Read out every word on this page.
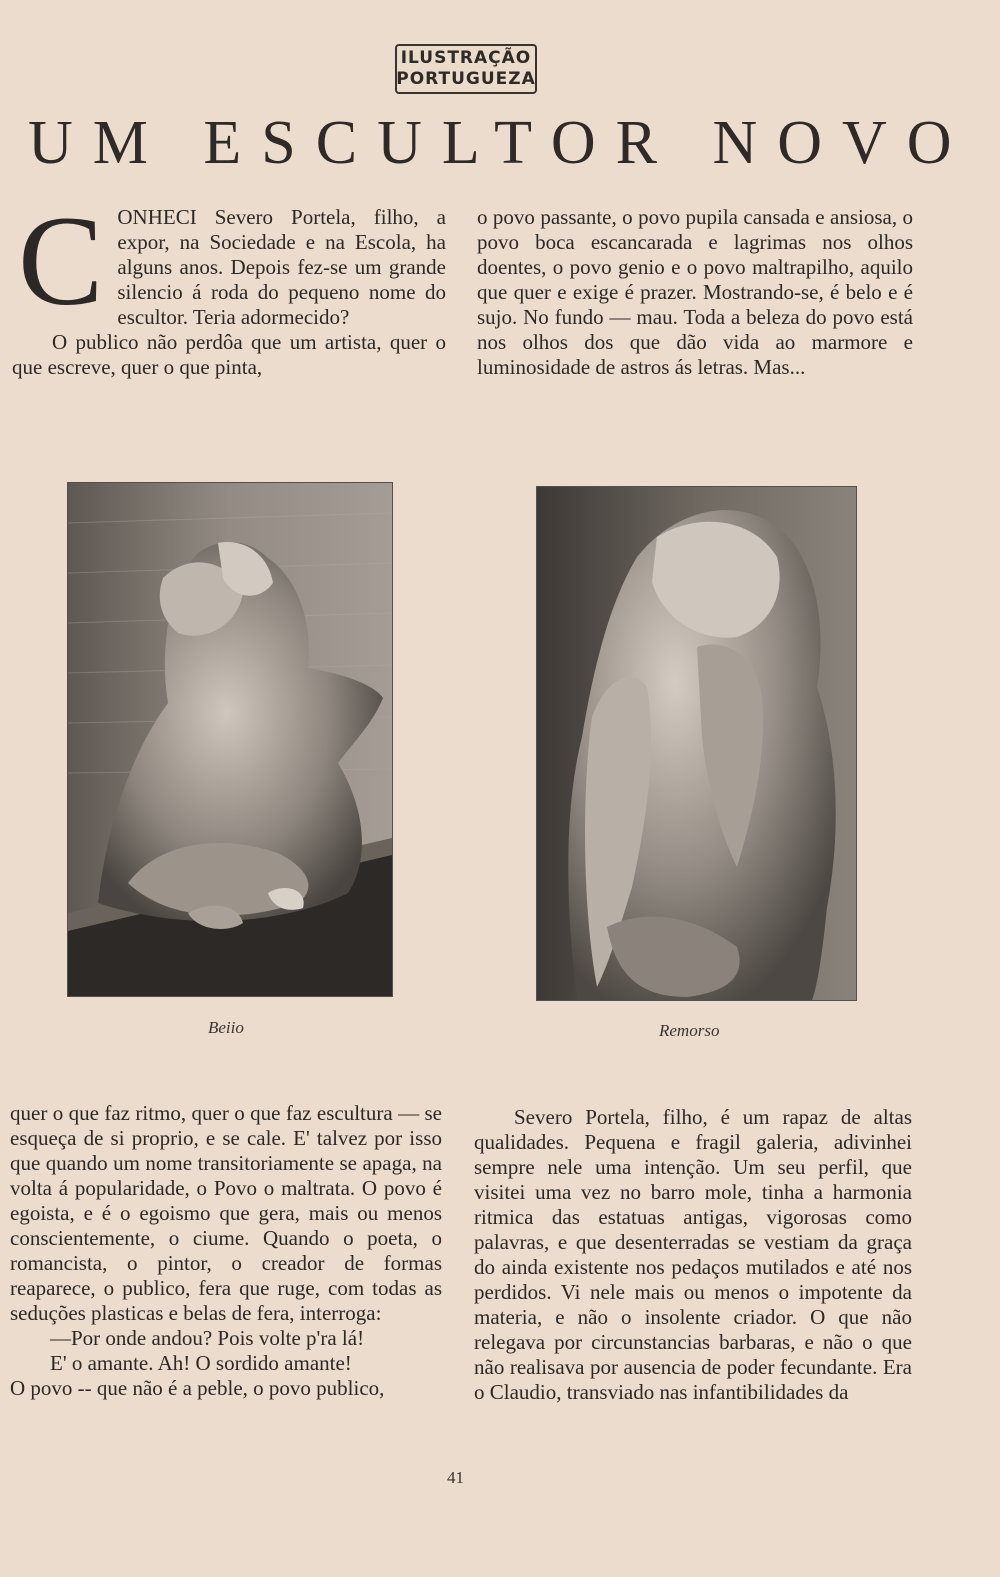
ILUSTRAÇÃO
PORTUGUEZA
UM ESCULTOR NOVO

CONHECI Severo Portela, filho, a expor, na Sociedade e na Escola, ha alguns anos. Depois fez-se um grande silencio á roda do pequeno nome do escultor. Teria adormecido?

O publico não perdôa que um artista, quer o que escreve, quer o que pinta,

o povo passante, o povo pupila cansada e ansiosa, o povo boca escancarada e lagrimas nos olhos doentes, o povo genio e o povo maltrapilho, aquilo que quer e exige é prazer. Mostrando-se, é belo e é sujo. No fundo — mau. Toda a beleza do povo está nos olhos dos que dão vida ao marmore e luminosidade de astros ás letras. Mas...

Beiio	Remorso

quer o que faz ritmo, quer o que faz escultura — se esqueça de si proprio, e se cale. E' talvez por isso que quando um nome transitoriamente se apaga, na volta á popularidade, o Povo o maltrata. O povo é egoista, e é o egoismo que gera, mais ou menos conscientemente, o ciume. Quando o poeta, o romancista, o pintor, o creador de formas reaparece, o publico, fera que ruge, com todas as seduções plasticas e belas de fera, interroga:

—Por onde andou? Pois volte p'ra lá!

E' o amante. Ah! O sordido amante!

O povo -- que não é a peble, o povo publico,

Severo Portela, filho, é um rapaz de altas qualidades. Pequena e fragil galeria, adivinhei sempre nele uma intenção. Um seu perfil, que visitei uma vez no barro mole, tinha a harmonia ritmica das estatuas antigas, vigorosas como palavras, e que desenterradas se vestiam da graça do ainda existente nos pedaços mutilados e até nos perdidos. Vi nele mais ou menos o impotente da materia, e não o insolente criador. O que não relegava por circunstancias barbaras, e não o que não realisava por ausencia de poder fecundante. Era o Claudio, transviado nas infantibilidades da

41
